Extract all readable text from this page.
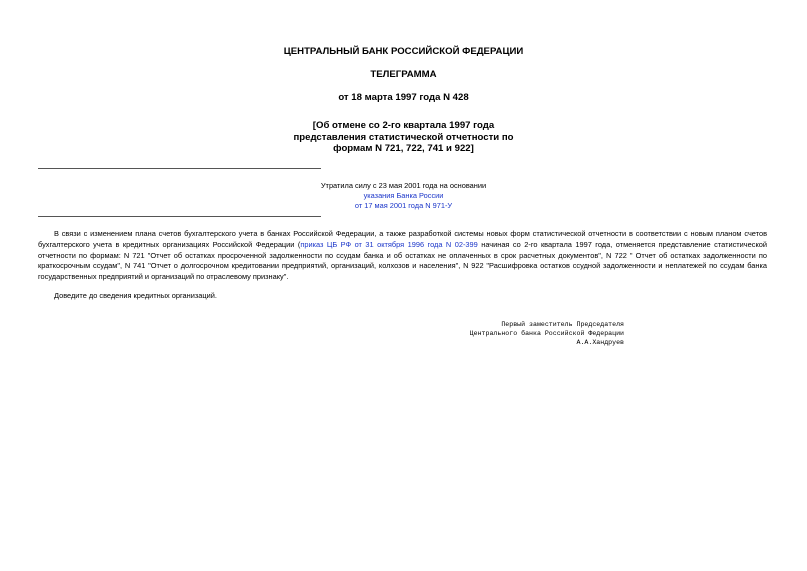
ЦЕНТРАЛЬНЫЙ БАНК РОССИЙСКОЙ ФЕДЕРАЦИИ
ТЕЛЕГРАММА
от 18 марта 1997 года N 428
[Об отмене со 2-го квартала 1997 года
представления статистической отчетности по
формам N 721, 722, 741 и 922]
Утратила силу с 23 мая 2001 года на основании
указания Банка России
от 17 мая 2001 года N 971-У

В связи с изменением плана счетов бухгалтерского учета в банках Российской Федерации, а также разработкой системы новых форм статистической отчетности в соответствии с новым планом счетов бухгалтерского учета в кредитных организациях Российской Федерации (приказ ЦБ РФ от 31 октября 1996 года N 02-399 начиная со 2-го квартала 1997 года, отменяется представление статистической отчетности по формам: N 721 "Отчет об остатках просроченной задолженности по ссудам банка и об остатках не оплаченных в срок расчетных документов", N 722 " Отчет об остатках задолженности по краткосрочным ссудам", N 741 "Отчет о долгосрочном кредитовании предприятий, организаций, колхозов и населения", N 922 "Расшифровка остатков ссудной задолженности и неплатежей по ссудам банка государственных предприятий и организаций по отраслевому признаку".

Доведите до сведения кредитных организаций.

Первый заместитель Председателя
Центрального банка Российской Федерации
А.А.Хандруев
